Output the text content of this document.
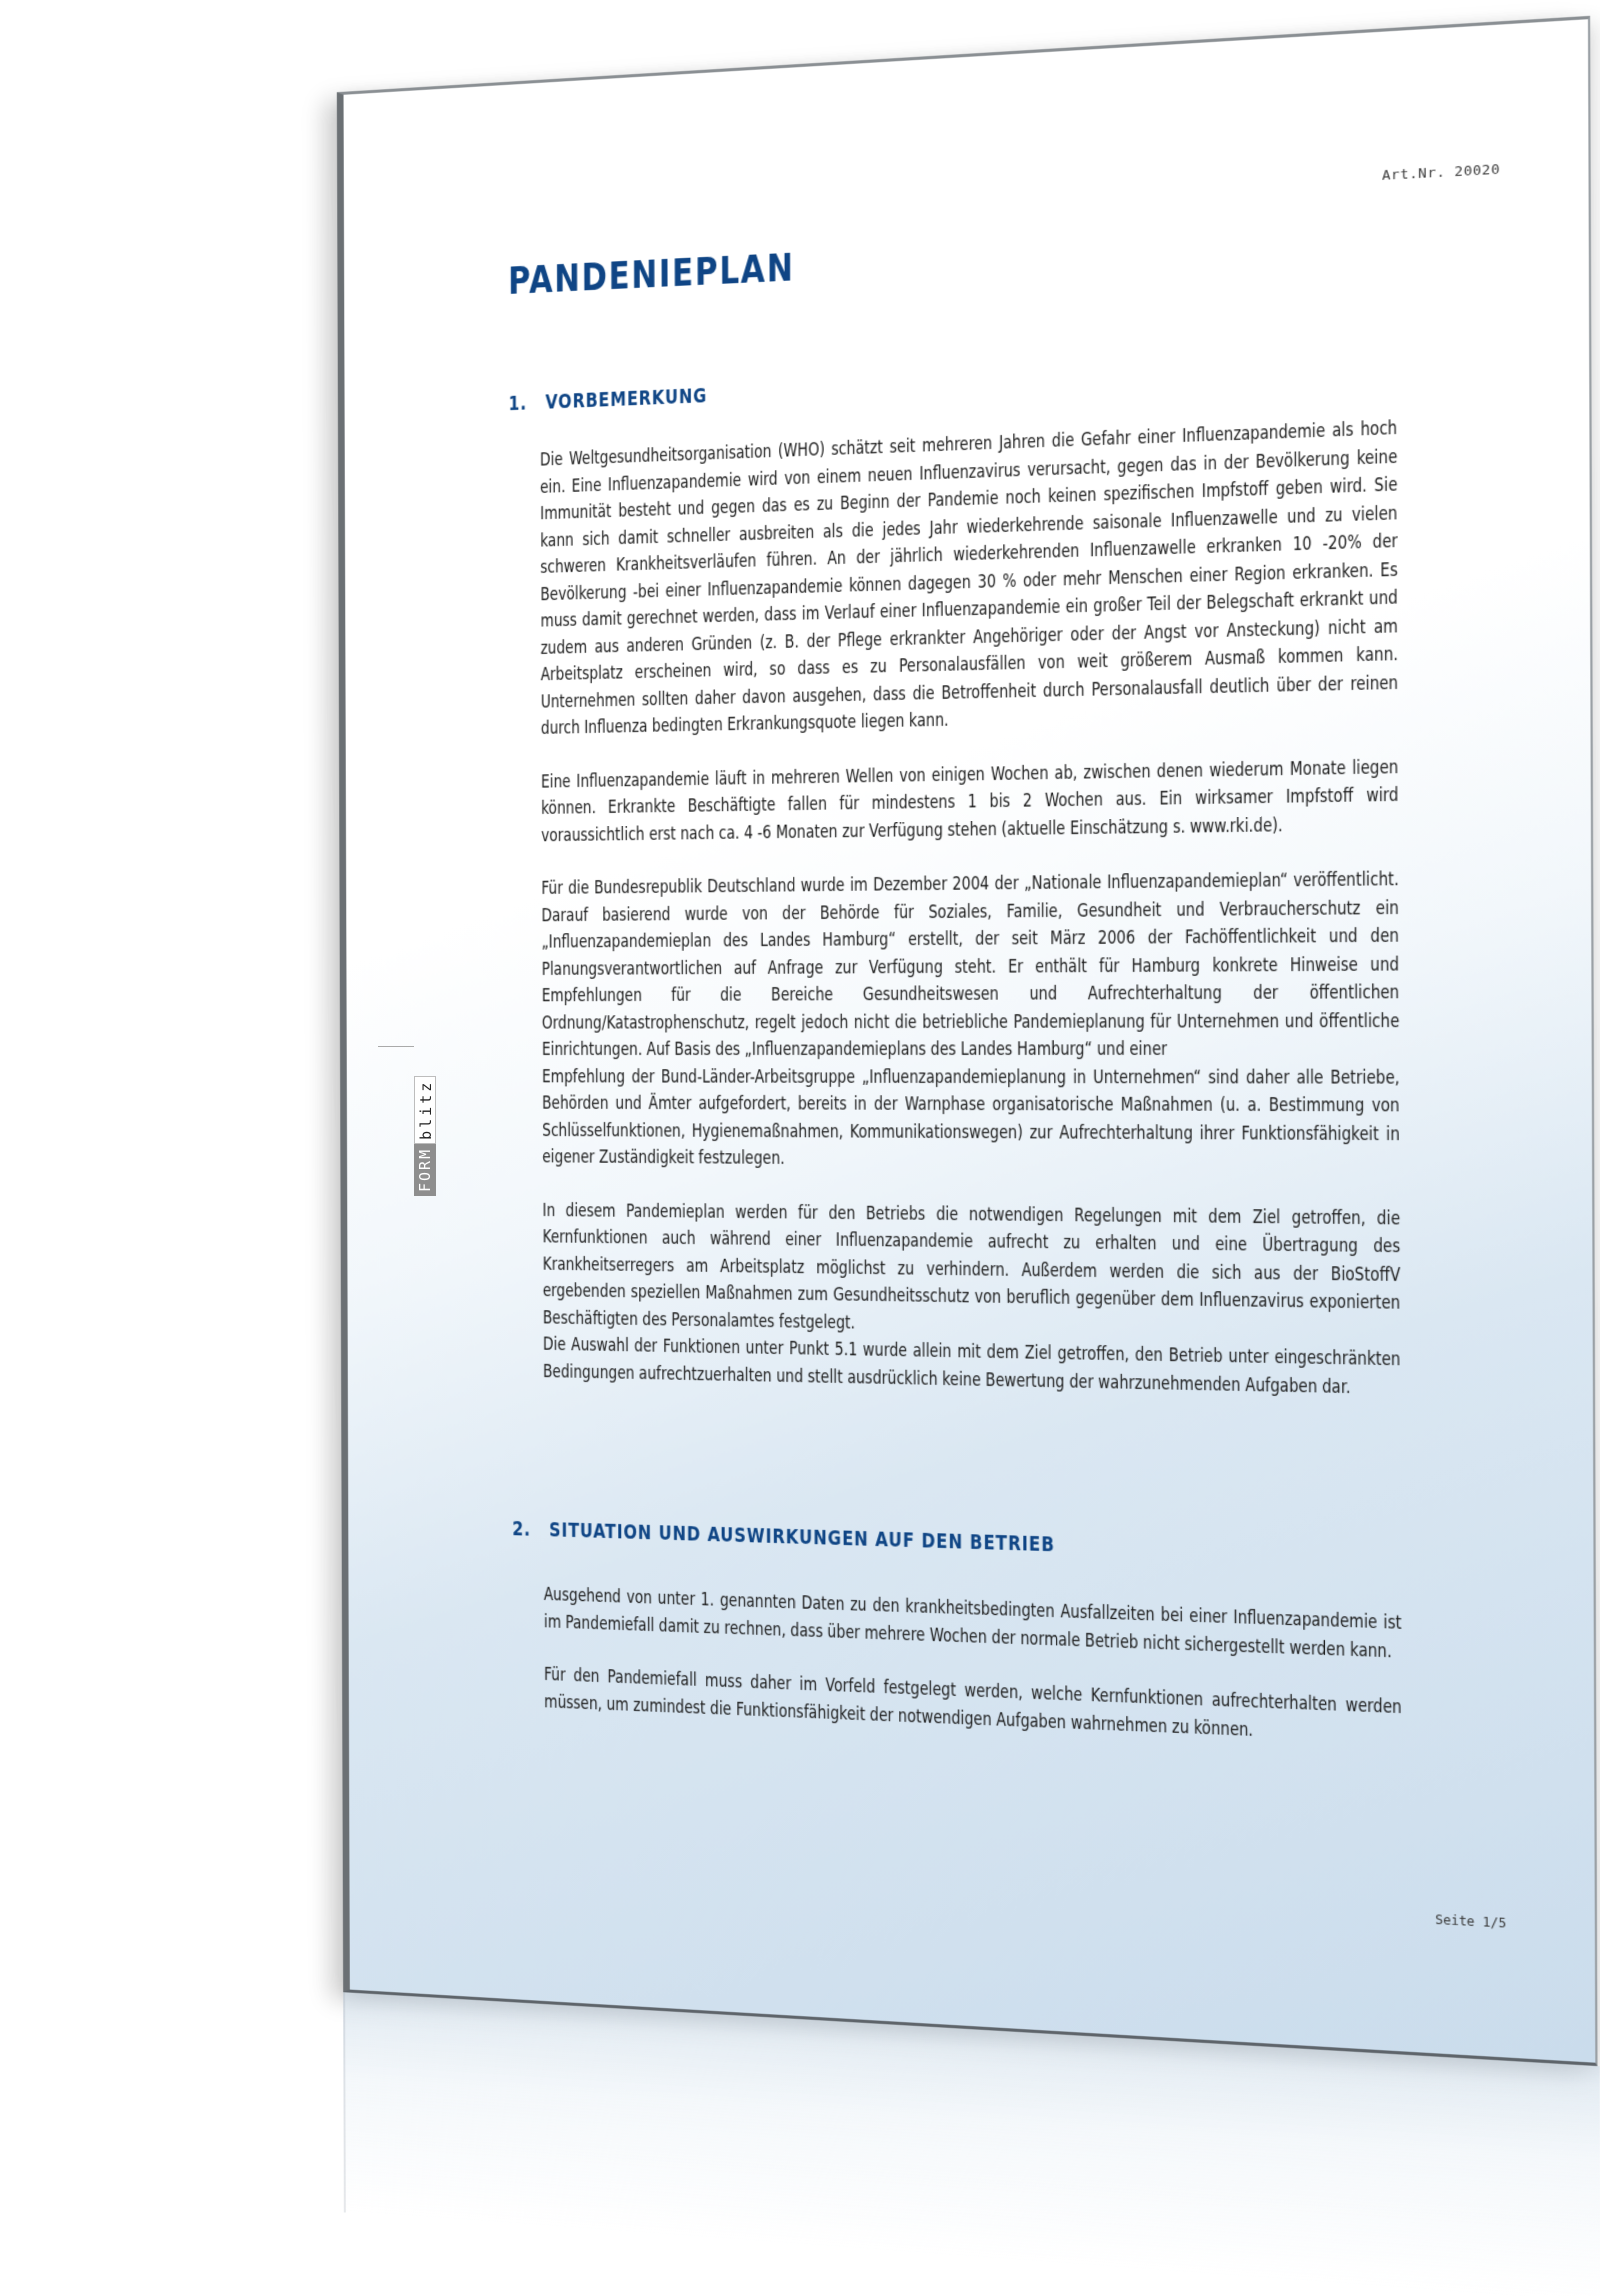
Art.Nr. 20020
PANDENIEPLAN
1. VORBEMERKUNG

Die Weltgesundheitsorganisation (WHO) schätzt seit mehreren Jahren die Gefahr einer Influenzapandemie als hoch ein. Eine Influenzapandemie wird von einem neuen Influenzavirus verursacht, gegen das in der Bevölkerung keine Immunität besteht und gegen das es zu Beginn der Pandemie noch keinen spezifischen Impfstoff geben wird. Sie kann sich damit schneller ausbreiten als die jedes Jahr wiederkehrende saisonale Influenzawelle und zu vielen schweren Krankheitsverläufen führen. An der jährlich wiederkehrenden Influenzawelle erkranken 10 -20% der Bevölkerung -bei einer Influenzapandemie können dagegen 30 % oder mehr Menschen einer Region erkranken. Es muss damit gerechnet werden, dass im Verlauf einer Influenzapandemie ein großer Teil der Belegschaft erkrankt und zudem aus anderen Gründen (z. B. der Pflege erkrankter Angehöriger oder der Angst vor Ansteckung) nicht am Arbeitsplatz erscheinen wird, so dass es zu Personalausfällen von weit größerem Ausmaß kommen kann. Unternehmen sollten daher davon ausgehen, dass die Betroffenheit durch Personalausfall deutlich über der reinen durch Influenza bedingten Erkrankungsquote liegen kann.

Eine Influenzapandemie läuft in mehreren Wellen von einigen Wochen ab, zwischen denen wiederum Monate liegen können. Erkrankte Beschäftigte fallen für mindestens 1 bis 2 Wochen aus. Ein wirksamer Impfstoff wird voraussichtlich erst nach ca. 4 -6 Monaten zur Verfügung stehen (aktuelle Einschätzung s. www.rki.de).

Für die Bundesrepublik Deutschland wurde im Dezember 2004 der „Nationale Influenzapandemieplan“ veröffentlicht. Darauf basierend wurde von der Behörde für Soziales, Familie, Gesundheit und Verbraucherschutz ein „Influenzapandemieplan des Landes Hamburg“ erstellt, der seit März 2006 der Fachöffentlichkeit und den Planungsverantwortlichen auf Anfrage zur Verfügung steht. Er enthält für Hamburg konkrete Hinweise und Empfehlungen für die Bereiche Gesundheitswesen und Aufrechterhaltung der öffentlichen Ordnung/Katastrophenschutz, regelt jedoch nicht die betriebliche Pandemieplanung für Unternehmen und öffentliche Einrichtungen. Auf Basis des „Influenzapandemieplans des Landes Hamburg“ und einer
Empfehlung der Bund-Länder-Arbeitsgruppe „Influenzapandemieplanung in Unternehmen“ sind daher alle Betriebe, Behörden und Ämter aufgefordert, bereits in der Warnphase organisatorische Maßnahmen (u. a. Bestimmung von Schlüsselfunktionen, Hygienemaßnahmen, Kommunikationswegen) zur Aufrechterhaltung ihrer Funktionsfähigkeit in eigener Zuständigkeit festzulegen.

In diesem Pandemieplan werden für den Betriebs die notwendigen Regelungen mit dem Ziel getroffen, die Kernfunktionen auch während einer Influenzapandemie aufrecht zu erhalten und eine Übertragung des Krankheitserregers am Arbeitsplatz möglichst zu verhindern. Außerdem werden die sich aus der BioStoffV ergebenden speziellen Maßnahmen zum Gesundheitsschutz von beruflich gegenüber dem Influenzavirus exponierten Beschäftigten des Personalamtes festgelegt.
Die Auswahl der Funktionen unter Punkt 5.1 wurde allein mit dem Ziel getroffen, den Betrieb unter eingeschränkten Bedingungen aufrechtzuerhalten und stellt ausdrücklich keine Bewertung der wahrzunehmenden Aufgaben dar.

2. SITUATION UND AUSWIRKUNGEN AUF DEN BETRIEB

Ausgehend von unter 1. genannten Daten zu den krankheitsbedingten Ausfallzeiten bei einer Influenzapandemie ist im Pandemiefall damit zu rechnen, dass über mehrere Wochen der normale Betrieb nicht sichergestellt werden kann.

Für den Pandemiefall muss daher im Vorfeld festgelegt werden, welche Kernfunktionen aufrechterhalten werden müssen, um zumindest die Funktionsfähigkeit der notwendigen Aufgaben wahrnehmen zu können.

Seite 1/5
FORM
blitz
